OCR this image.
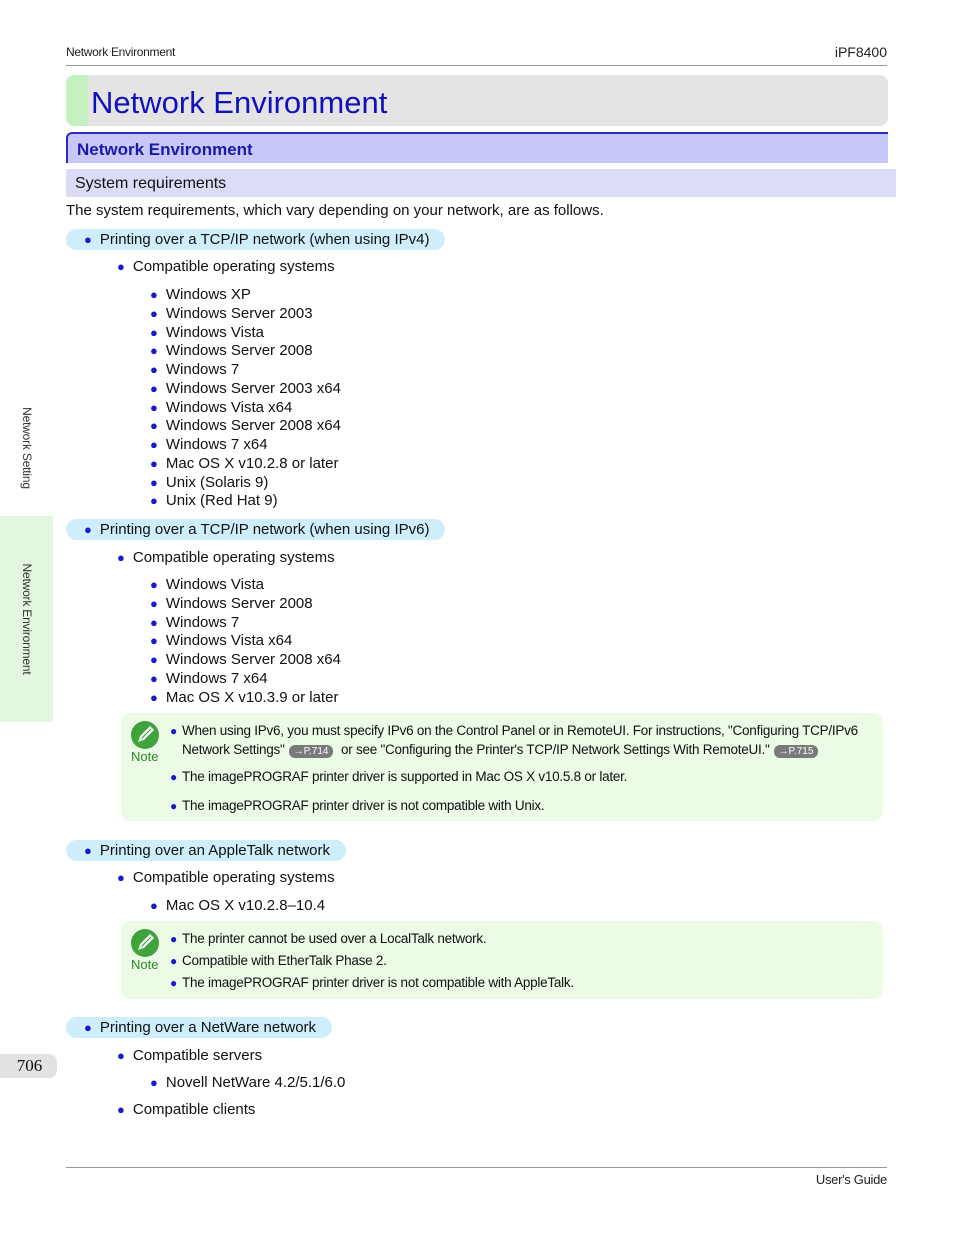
Network Environment	iPF8400
Network Environment
Network Environment
System requirements
The system requirements, which vary depending on your network, are as follows.
● Printing over a TCP/IP network (when using IPv4)
● Compatible operating systems
● Windows XP
● Windows Server 2003
● Windows Vista
● Windows Server 2008
● Windows 7
● Windows Server 2003 x64
● Windows Vista x64
● Windows Server 2008 x64
● Windows 7 x64
● Mac OS X v10.2.8 or later
● Unix (Solaris 9)
● Unix (Red Hat 9)
● Printing over a TCP/IP network (when using IPv6)
● Compatible operating systems
● Windows Vista
● Windows Server 2008
● Windows 7
● Windows Vista x64
● Windows Server 2008 x64
● Windows 7 x64
● Mac OS X v10.3.9 or later
Note
● When using IPv6, you must specify IPv6 on the Control Panel or in RemoteUI. For instructions, "Configuring TCP/IPv6
Network Settings" →P.714 or see "Configuring the Printer's TCP/IP Network Settings With RemoteUI." →P.715
● The imagePROGRAF printer driver is supported in Mac OS X v10.5.8 or later.
● The imagePROGRAF printer driver is not compatible with Unix.
● Printing over an AppleTalk network
● Compatible operating systems
● Mac OS X v10.2.8–10.4
Note
● The printer cannot be used over a LocalTalk network.
● Compatible with EtherTalk Phase 2.
● The imagePROGRAF printer driver is not compatible with AppleTalk.
● Printing over a NetWare network
● Compatible servers
● Novell NetWare 4.2/5.1/6.0
● Compatible clients
Network Setting
Network Environment
706
User's Guide
